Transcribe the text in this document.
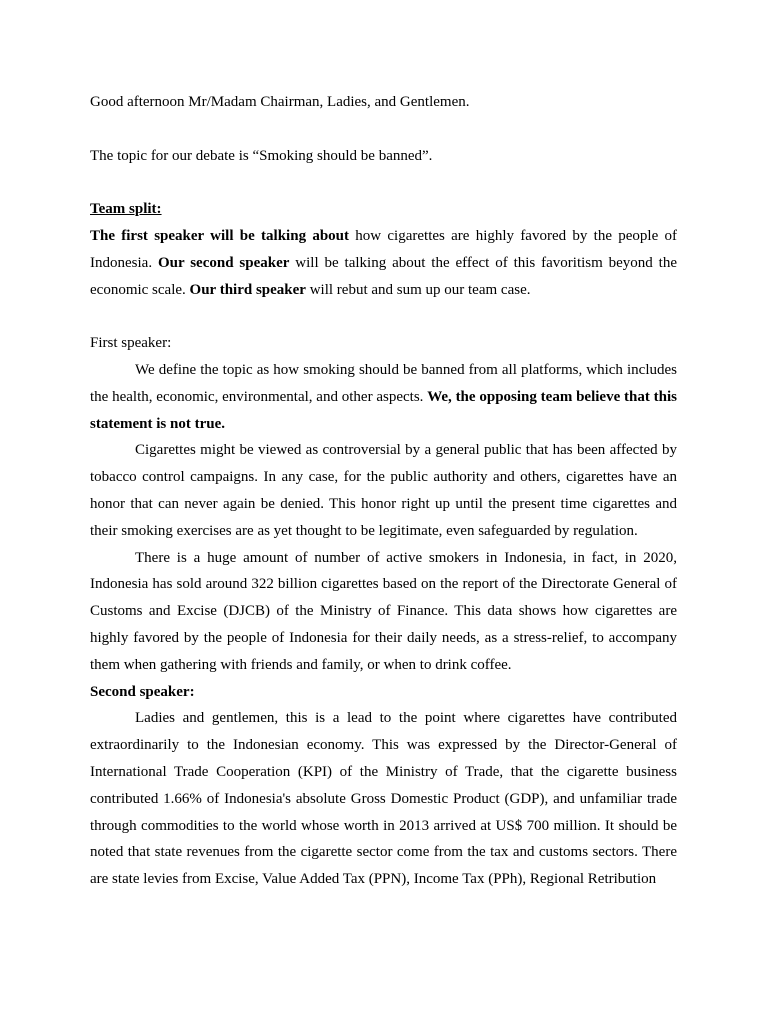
Good afternoon Mr/Madam Chairman, Ladies, and Gentlemen.

The topic for our debate is “Smoking should be banned”.

Team split:

The first speaker will be talking about how cigarettes are highly favored by the people of Indonesia. Our second speaker will be talking about the effect of this favoritism beyond the economic scale. Our third speaker will rebut and sum up our team case.

First speaker:

We define the topic as how smoking should be banned from all platforms, which includes the health, economic, environmental, and other aspects. We, the opposing team believe that this statement is not true.

Cigarettes might be viewed as controversial by a general public that has been affected by tobacco control campaigns. In any case, for the public authority and others, cigarettes have an honor that can never again be denied. This honor right up until the present time cigarettes and their smoking exercises are as yet thought to be legitimate, even safeguarded by regulation.

There is a huge amount of number of active smokers in Indonesia, in fact, in 2020, Indonesia has sold around 322 billion cigarettes based on the report of the Directorate General of Customs and Excise (DJCB) of the Ministry of Finance. This data shows how cigarettes are highly favored by the people of Indonesia for their daily needs, as a stress-relief, to accompany them when gathering with friends and family, or when to drink coffee.

Second speaker:

Ladies and gentlemen, this is a lead to the point where cigarettes have contributed extraordinarily to the Indonesian economy. This was expressed by the Director-General of International Trade Cooperation (KPI) of the Ministry of Trade, that the cigarette business contributed 1.66% of Indonesia's absolute Gross Domestic Product (GDP), and unfamiliar trade through commodities to the world whose worth in 2013 arrived at US$ 700 million. It should be noted that state revenues from the cigarette sector come from the tax and customs sectors. There are state levies from Excise, Value Added Tax (PPN), Income Tax (PPh), Regional Retribution
